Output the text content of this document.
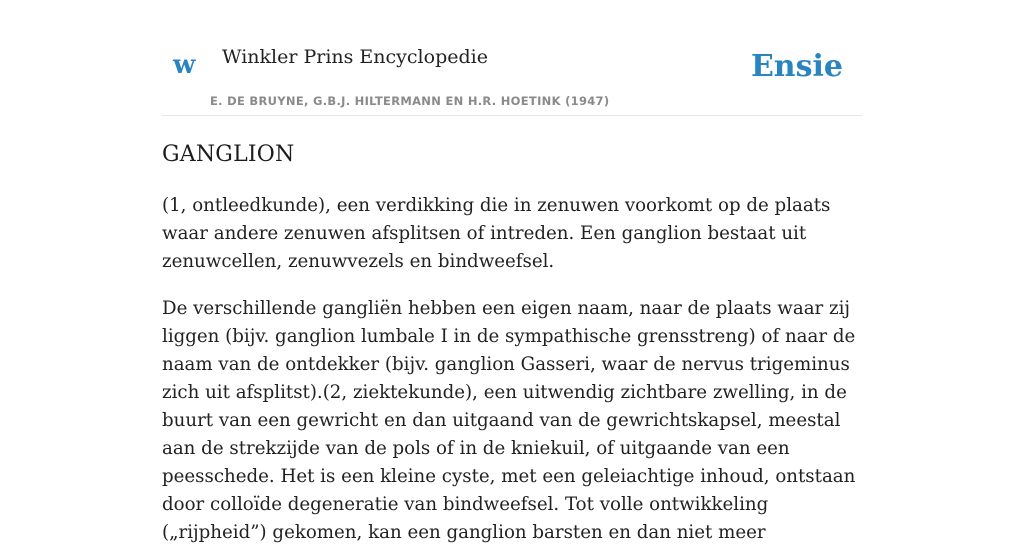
w Winkler Prins Encyclopedie
E. DE BRUYNE, G.B.J. HILTERMANN EN H.R. HOETINK (1947)
Ensie
GANGLION

(1, ontleedkunde), een verdikking die in zenuwen voorkomt op de plaats waar andere zenuwen afsplitsen of intreden. Een ganglion bestaat uit zenuwcellen, zenuwvezels en bindweefsel.

De verschillende gangliën hebben een eigen naam, naar de plaats waar zij liggen (bijv. ganglion lumbale I in de sympathische grensstreng) of naar de naam van de ontdekker (bijv. ganglion Gasseri, waar de nervus trigeminus zich uit afsplitst).(2, ziektekunde), een uitwendig zichtbare zwelling, in de buurt van een gewricht en dan uitgaand van de gewrichtskapsel, meestal aan de strekzijde van de pols of in de kniekuil, of uitgaande van een peesschede. Het is een kleine cyste, met een geleiachtige inhoud, ontstaan door colloïde degeneratie van bindweefsel. Tot volle ontwikkeling („rijpheid”) gekomen, kan een ganglion barsten en dan niet meer
